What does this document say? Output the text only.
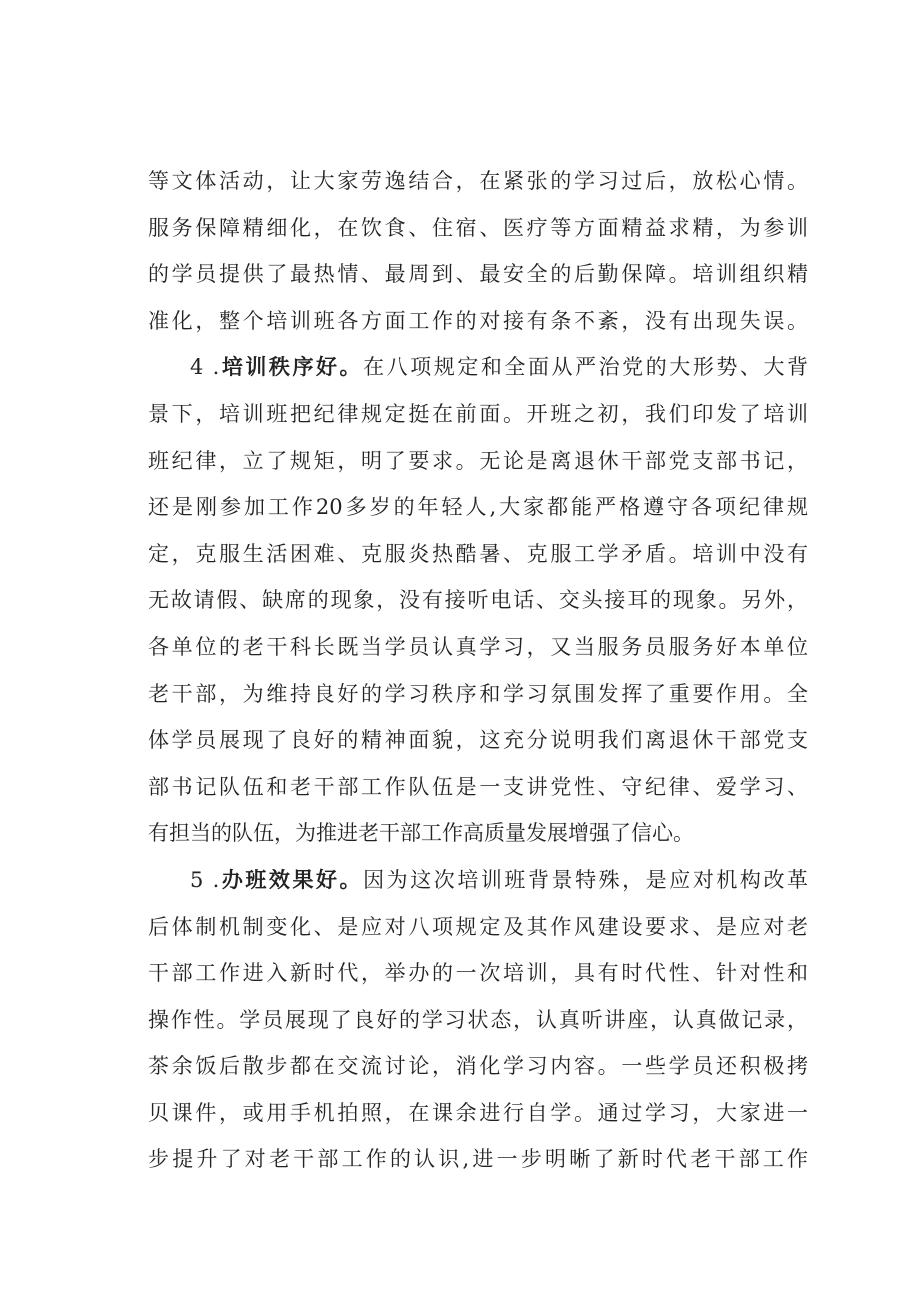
等文体活动，让大家劳逸结合，在紧张的学习过后，放松心情。
服务保障精细化，在饮食、住宿、医疗等方面精益求精，为参训
的学员提供了最热情、最周到、最安全的后勤保障。培训组织精
准化，整个培训班各方面工作的对接有条不紊，没有出现失误。
4 .培训秩序好。在八项规定和全面从严治党的大形势、大背
景下，培训班把纪律规定挺在前面。开班之初，我们印发了培训
班纪律，立了规矩，明了要求。无论是离退休干部党支部书记，
还是刚参加工作20多岁的年轻人,大家都能严格遵守各项纪律规
定，克服生活困难、克服炎热酷暑、克服工学矛盾。培训中没有
无故请假、缺席的现象，没有接听电话、交头接耳的现象。另外，
各单位的老干科长既当学员认真学习，又当服务员服务好本单位
老干部，为维持良好的学习秩序和学习氛围发挥了重要作用。全
体学员展现了良好的精神面貌，这充分说明我们离退休干部党支
部书记队伍和老干部工作队伍是一支讲党性、守纪律、爱学习、
有担当的队伍，为推进老干部工作高质量发展增强了信心。
5 .办班效果好。因为这次培训班背景特殊，是应对机构改革
后体制机制变化、是应对八项规定及其作风建设要求、是应对老
干部工作进入新时代，举办的一次培训，具有时代性、针对性和
操作性。学员展现了良好的学习状态，认真听讲座，认真做记录，
茶余饭后散步都在交流讨论，消化学习内容。一些学员还积极拷
贝课件，或用手机拍照，在课余进行自学。通过学习，大家进一
步提升了对老干部工作的认识,进一步明晰了新时代老干部工作
